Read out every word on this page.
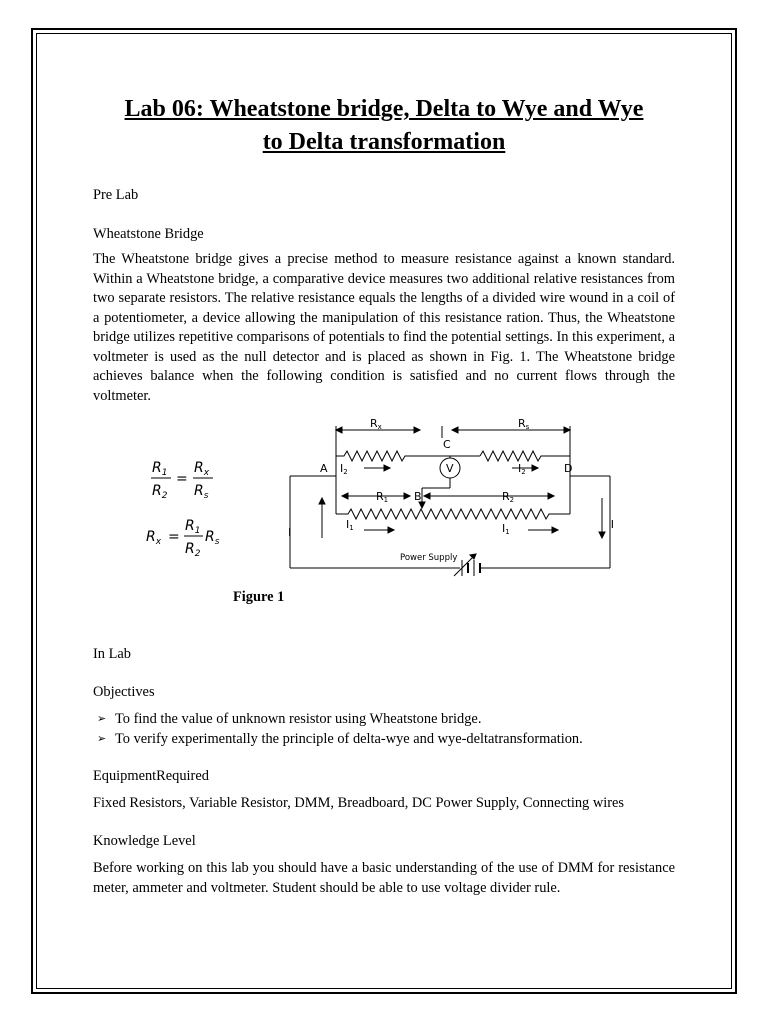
Lab 06: Wheatstone bridge, Delta to Wye and Wye
to Delta transformation

Pre Lab

Wheatstone Bridge

The Wheatstone bridge gives a precise method to measure resistance against a known standard. Within a Wheatstone bridge, a comparative device measures two additional relative resistances from two separate resistors. The relative resistance equals the lengths of a divided wire wound in a coil of a potentiometer, a device allowing the manipulation of this resistance ration. Thus, the Wheatstone bridge utilizes repetitive comparisons of potentials to find the potential settings. In this experiment, a voltmeter is used as the null detector and is placed as shown in Fig. 1. The Wheatstone bridge achieves balance when the following condition is satisfied and no current flows through the voltmeter.

$R_1$
$R_2$
=
$R_x$
$R_s$
$R_x$ =
$R_1$
$R_2$
$R_s$
Rx	Rs
C
A	D
V
I2	I2
R1 B	R2
I1	I1
I
I
Power Supply

Figure 1

In Lab

Objectives

➢ To find the value of unknown resistor using Wheatstone bridge.
➢ To verify experimentally the principle of delta-wye and wye-deltatransformation.

EquipmentRequired

Fixed Resistors, Variable Resistor, DMM, Breadboard, DC Power Supply, Connecting wires

Knowledge Level

Before working on this lab you should have a basic understanding of the use of DMM for resistance meter, ammeter and voltmeter. Student should be able to use voltage divider rule.
